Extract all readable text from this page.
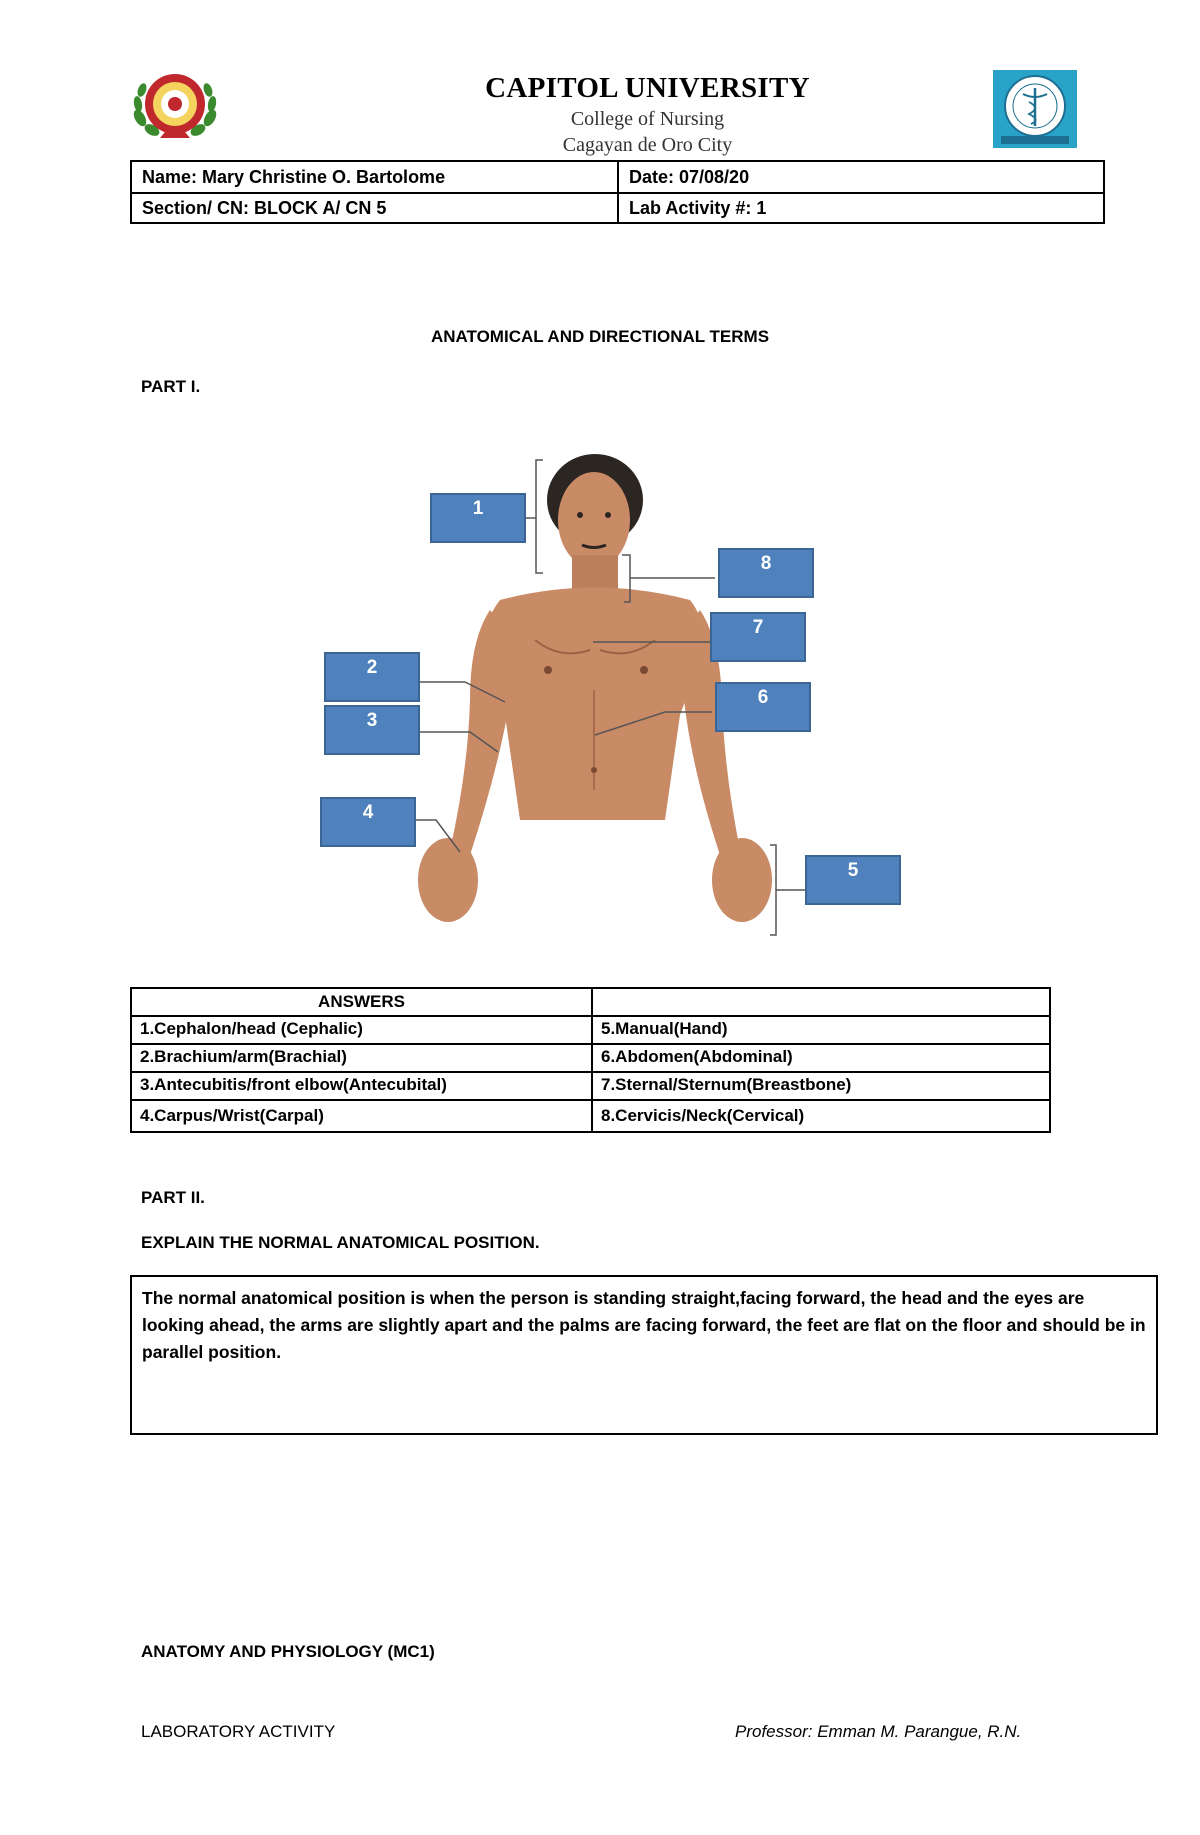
CAPITOL UNIVERSITY
College of Nursing
Cagayan de Oro City
Name: Mary Christine O. Bartolome	Date: 07/08/20
Section/ CN: BLOCK A/ CN 5	Lab Activity #: 1
ANATOMICAL AND DIRECTIONAL TERMS
PART I.
1
2
3
4
5
6
7
8
ANSWERS
1.Cephalon/head (Cephalic)	5.Manual(Hand)
2.Brachium/arm(Brachial)	6.Abdomen(Abdominal)
3.Antecubitis/front elbow(Antecubital)	7.Sternal/Sternum(Breastbone)
4.Carpus/Wrist(Carpal)	8.Cervicis/Neck(Cervical)
PART II.
EXPLAIN THE NORMAL ANATOMICAL POSITION.
The normal anatomical position is when the person is standing straight,facing forward, the head and the eyes are looking ahead, the arms are slightly apart and the palms are facing forward, the feet are flat on the floor and should be in parallel position.
ANATOMY AND PHYSIOLOGY (MC1)
LABORATORY ACTIVITY	Professor: Emman M. Parangue, R.N.
